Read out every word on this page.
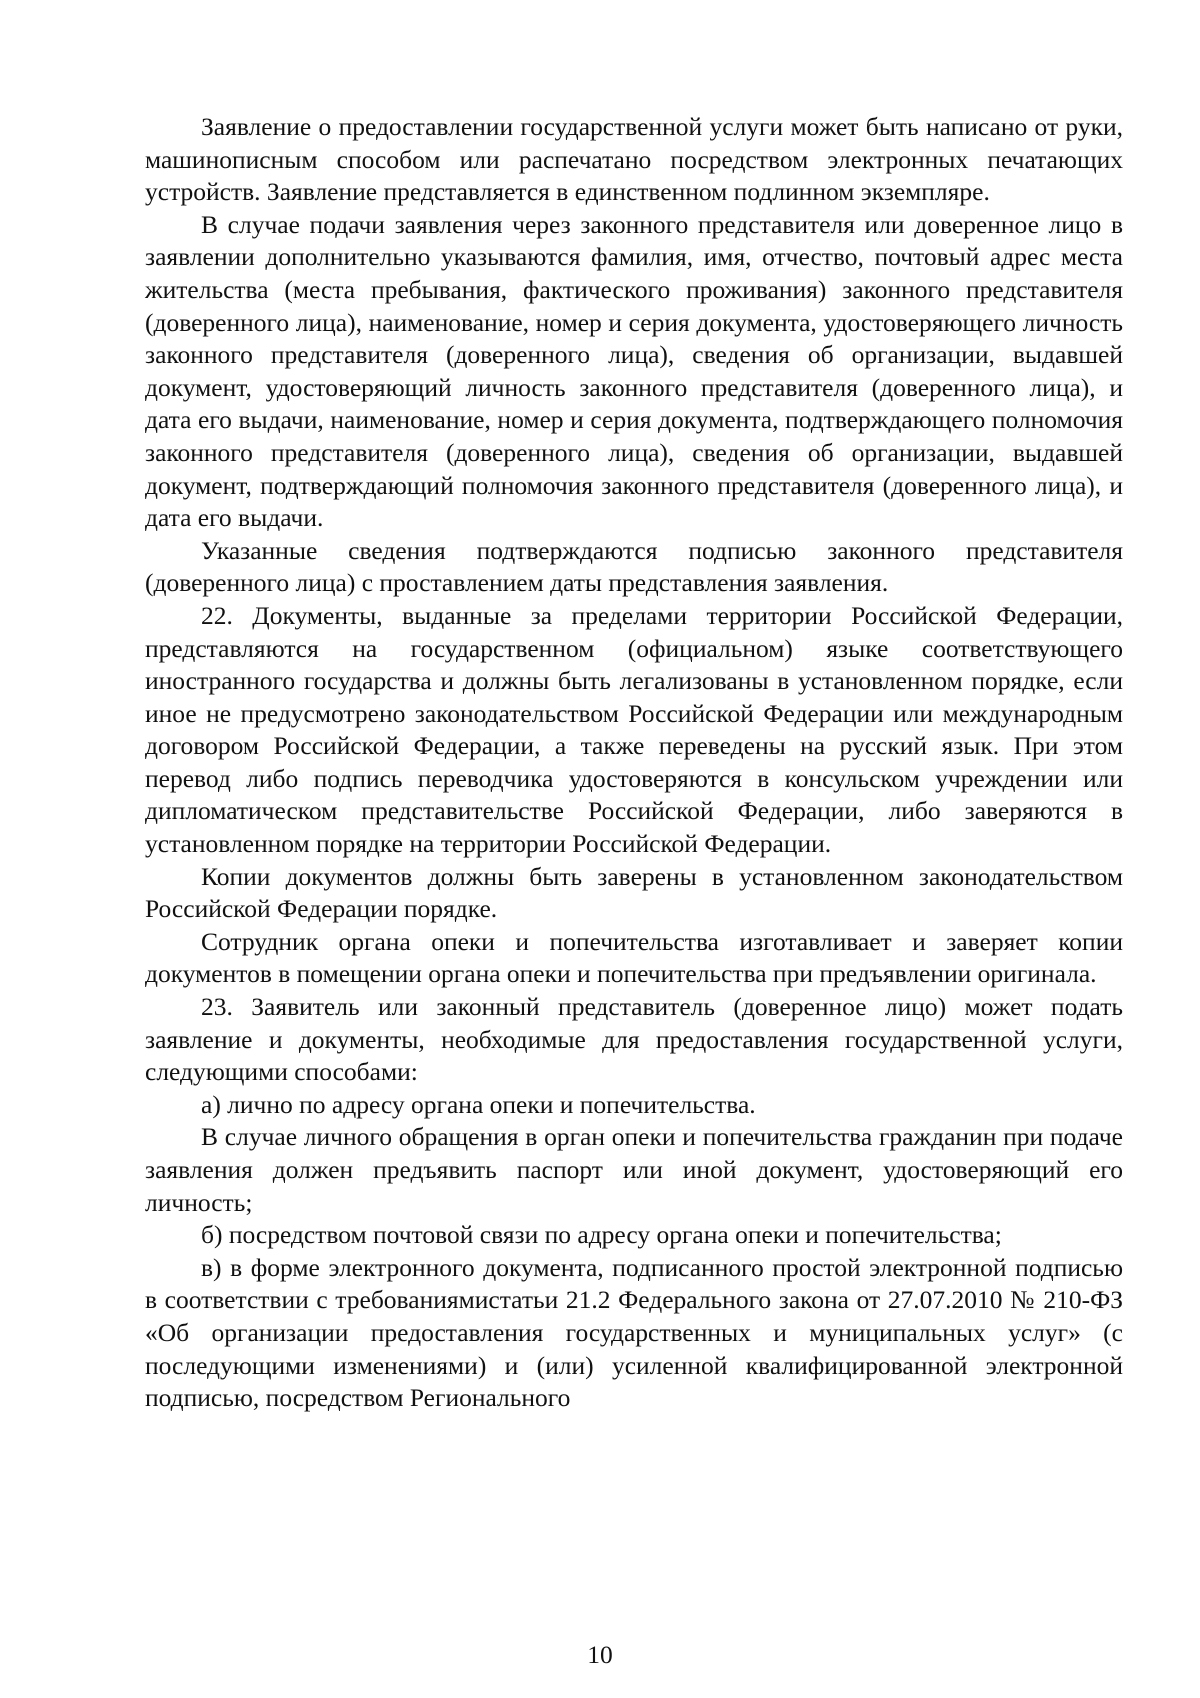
Заявление о предоставлении государственной услуги может быть написано от руки, машинописным способом или распечатано посредством электронных печатающих устройств. Заявление представляется в единственном подлинном экземпляре.

В случае подачи заявления через законного представителя или доверенное лицо в заявлении дополнительно указываются фамилия, имя, отчество, почтовый адрес места жительства (места пребывания, фактического проживания) законного представителя (доверенного лица), наименование, номер и серия документа, удостоверяющего личность законного представителя (доверенного лица), сведения об организации, выдавшей документ, удостоверяющий личность законного представителя (доверенного лица), и дата его выдачи, наименование, номер и серия документа, подтверждающего полномочия законного представителя (доверенного лица), сведения об организации, выдавшей документ, подтверждающий полномочия законного представителя (доверенного лица), и дата его выдачи.

Указанные сведения подтверждаются подписью законного представителя (доверенного лица) с проставлением даты представления заявления.

22. Документы, выданные за пределами территории Российской Федерации, представляются на государственном (официальном) языке соответствующего иностранного государства и должны быть легализованы в установленном порядке, если иное не предусмотрено законодательством Российской Федерации или международным договором Российской Федерации, а также переведены на русский язык. При этом перевод либо подпись переводчика удостоверяются в консульском учреждении или дипломатическом представительстве Российской Федерации, либо заверяются в установленном порядке на территории Российской Федерации.

Копии документов должны быть заверены в установленном законодательством Российской Федерации порядке.

Сотрудник органа опеки и попечительства изготавливает и заверяет копии документов в помещении органа опеки и попечительства при предъявлении оригинала.

23. Заявитель или законный представитель (доверенное лицо) может подать заявление и документы, необходимые для предоставления государственной услуги, следующими способами:

а) лично по адресу органа опеки и попечительства.

В случае личного обращения в орган опеки и попечительства гражданин при подаче заявления должен предъявить паспорт или иной документ, удостоверяющий его личность;

б) посредством почтовой связи по адресу органа опеки и попечительства;

в) в форме электронного документа, подписанного простой электронной подписью в соответствии с требованиямистатьи 21.2 Федерального закона от 27.07.2010 № 210-ФЗ «Об организации предоставления государственных и муниципальных услуг» (с последующими изменениями) и (или) усиленной квалифицированной электронной подписью, посредством Регионального

10
